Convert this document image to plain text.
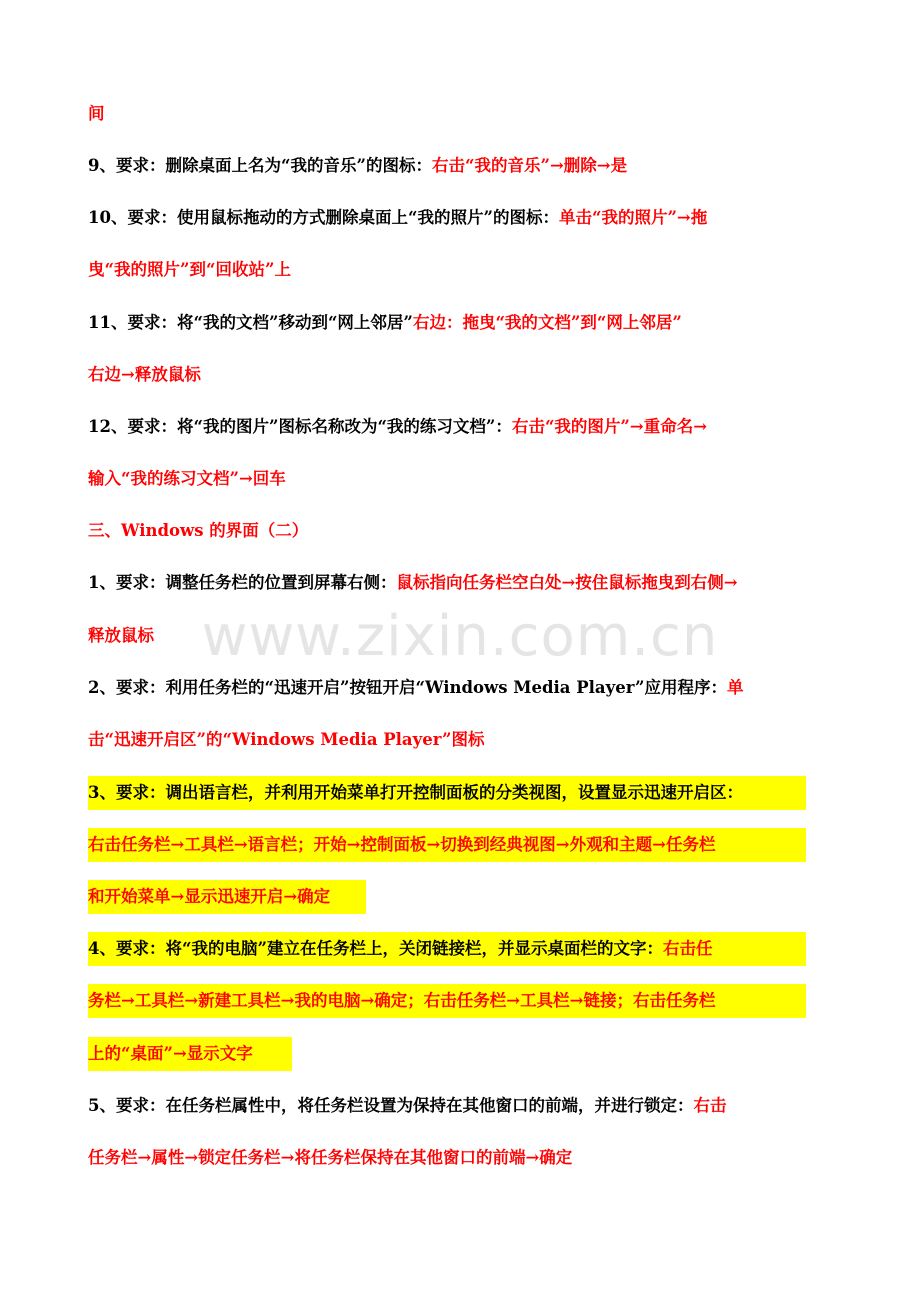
间
9、要求：删除桌面上名为“我的音乐”的图标：右击“我的音乐”→删除→是
10、要求：使用鼠标拖动的方式删除桌面上“我的照片”的图标：单击“我的照片”→拖
曳“我的照片”到“回收站”上
11、要求：将“我的文档”移动到“网上邻居”右边：拖曳“我的文档”到“网上邻居”
右边→释放鼠标
12、要求：将“我的图片”图标名称改为“我的练习文档”：右击“我的图片”→重命名→
输入“我的练习文档”→回车
三、Windows 的界面（二）
1、要求：调整任务栏的位置到屏幕右侧：鼠标指向任务栏空白处→按住鼠标拖曳到右侧→
释放鼠标
2、要求：利用任务栏的“迅速开启”按钮开启“Windows Media Player”应用程序：单
击“迅速开启区”的“Windows Media Player”图标
3、要求：调出语言栏，并利用开始菜单打开控制面板的分类视图，设置显示迅速开启区：
右击任务栏→工具栏→语言栏；开始→控制面板→切换到经典视图→外观和主题→任务栏
和开始菜单→显示迅速开启→确定
4、要求：将“我的电脑”建立在任务栏上，关闭链接栏，并显示桌面栏的文字：右击任
务栏→工具栏→新建工具栏→我的电脑→确定；右击任务栏→工具栏→链接；右击任务栏
上的“桌面”→显示文字
5、要求：在任务栏属性中，将任务栏设置为保持在其他窗口的前端，并进行锁定：右击
任务栏→属性→锁定任务栏→将任务栏保持在其他窗口的前端→确定
www.zixin.com.cn
